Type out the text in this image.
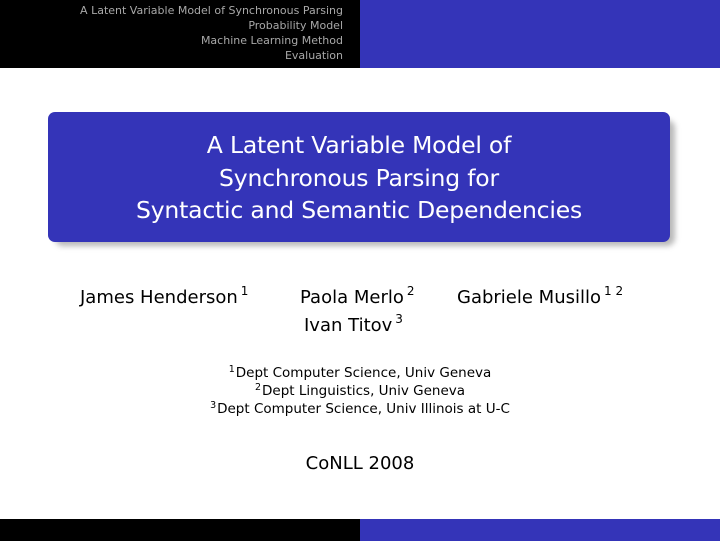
A Latent Variable Model of Synchronous Parsing
Probability Model
Machine Learning Method
Evaluation
A Latent Variable Model of
Synchronous Parsing for
Syntactic and Semantic Dependencies
James Henderson $^1$	Paola Merlo $^2$ Gabriele Musillo $^{1 2}$
Ivan Titov $^3$
$^1$Dept Computer Science, Univ Geneva
$^2$Dept Linguistics, Univ Geneva
$^3$Dept Computer Science, Univ Illinois at U-C
CoNLL 2008
